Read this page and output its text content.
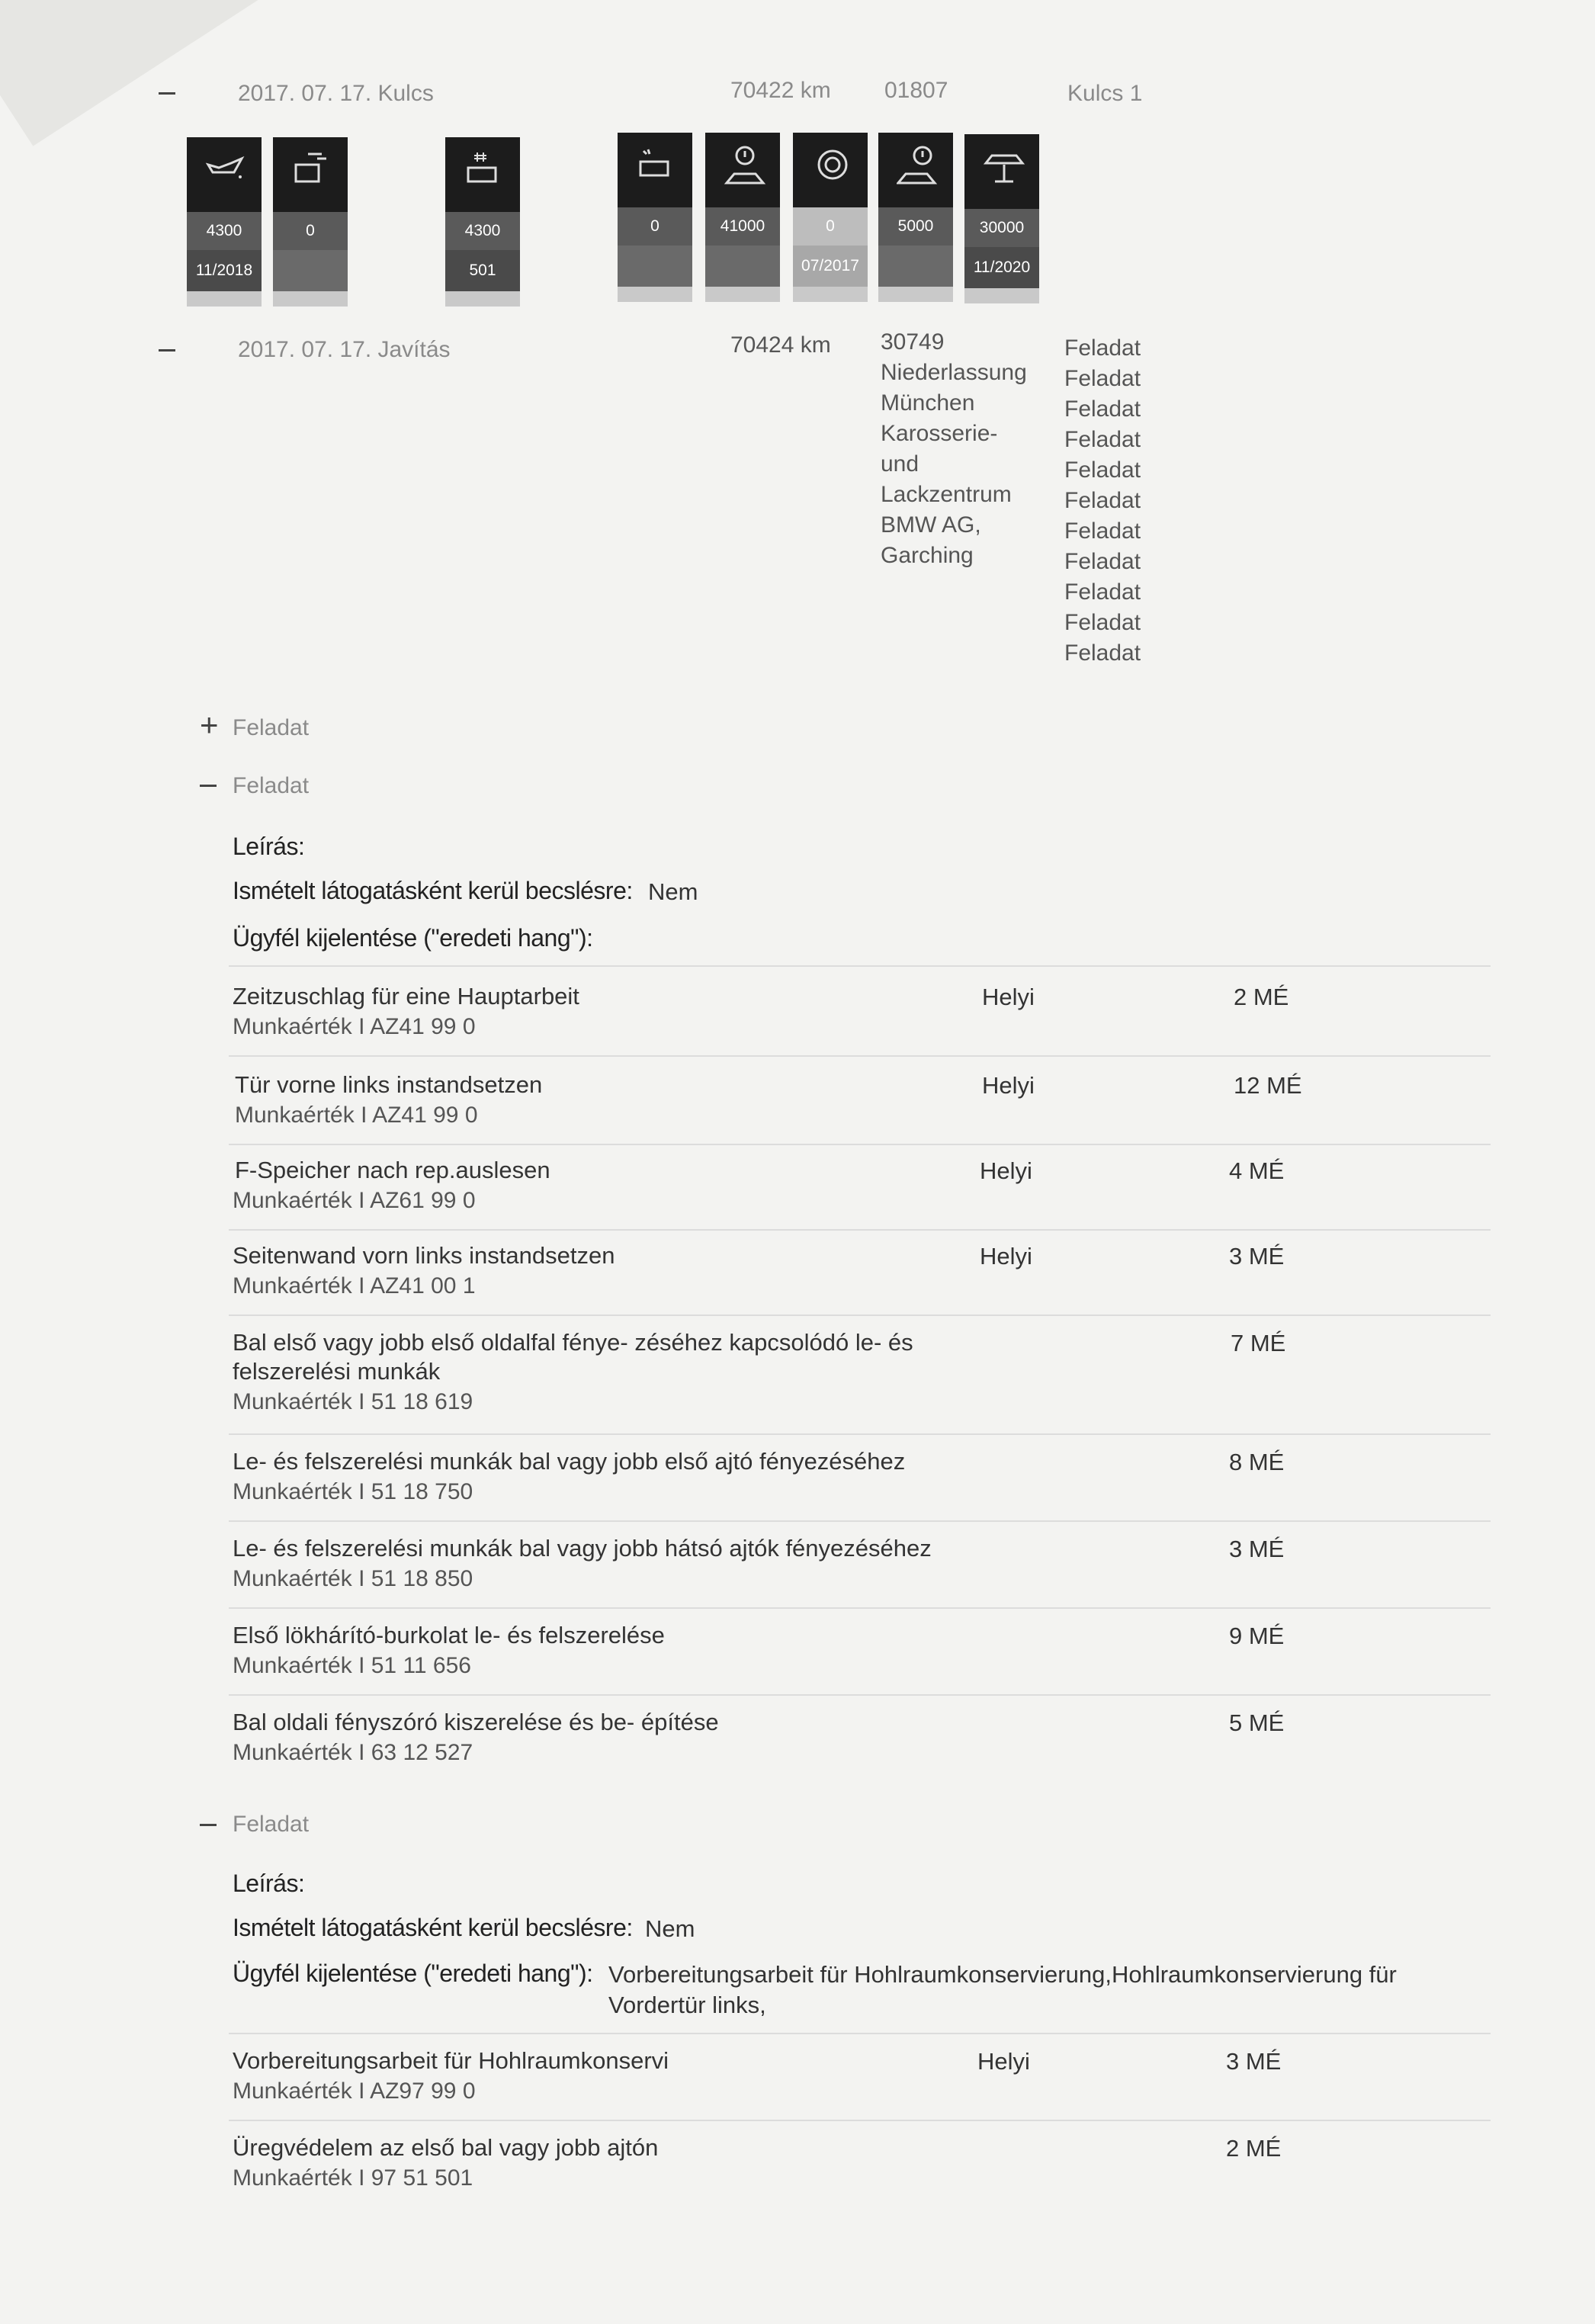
2017. 07. 17. Kulcs	70422 km 01807	Kulcs 1
4300
11/2018
0	4300
501
0	41000	0
07/2017
5000	30000
11/2020
2017. 07. 17. Javítás	70424 km 30749
Niederlassung
München
Karosserie-
und
Lackzentrum
BMW AG,
Garching
Feladat
Feladat
Feladat
Feladat
Feladat
Feladat
Feladat
Feladat
Feladat
Feladat
Feladat
+ Feladat
Feladat
Leírás:
Ismételt látogatásként kerül becslésre: Nem
Ügyfél kijelentése ("eredeti hang"):
Zeitzuschlag für eine Hauptarbeit
Munkaérték I AZ41 99 0
Helyi	2 MÉ
Tür vorne links instandsetzen
Munkaérték I AZ41 99 0
Helyi	12 MÉ
F-Speicher nach rep.auslesen
Munkaérték I AZ61 99 0
Helyi	4 MÉ
Seitenwand vorn links instandsetzen
Munkaérték I AZ41 00 1
Helyi	3 MÉ
Bal első vagy jobb első oldalfal fénye- zéséhez kapcsolódó le- és felszerelési munkák
Munkaérték I 51 18 619
7 MÉ
Le- és felszerelési munkák bal vagy jobb első ajtó fényezéséhez
Munkaérték I 51 18 750
8 MÉ
Le- és felszerelési munkák bal vagy jobb hátsó ajtók fényezéséhez
Munkaérték I 51 18 850
3 MÉ
Első lökhárító-burkolat le- és felszerelése
Munkaérték I 51 11 656
9 MÉ
Bal oldali fényszóró kiszerelése és be- építése
Munkaérték I 63 12 527
5 MÉ
Feladat
Leírás:
Ismételt látogatásként kerül becslésre: Nem
Ügyfél kijelentése ("eredeti hang"): Vorbereitungsarbeit für Hohlraumkonservierung,Hohlraumkonservierung für
Vordertür links,
Vorbereitungsarbeit für Hohlraumkonservi
Munkaérték I AZ97 99 0
Helyi	3 MÉ
Üregvédelem az első bal vagy jobb ajtón
Munkaérték I 97 51 501
2 MÉ
